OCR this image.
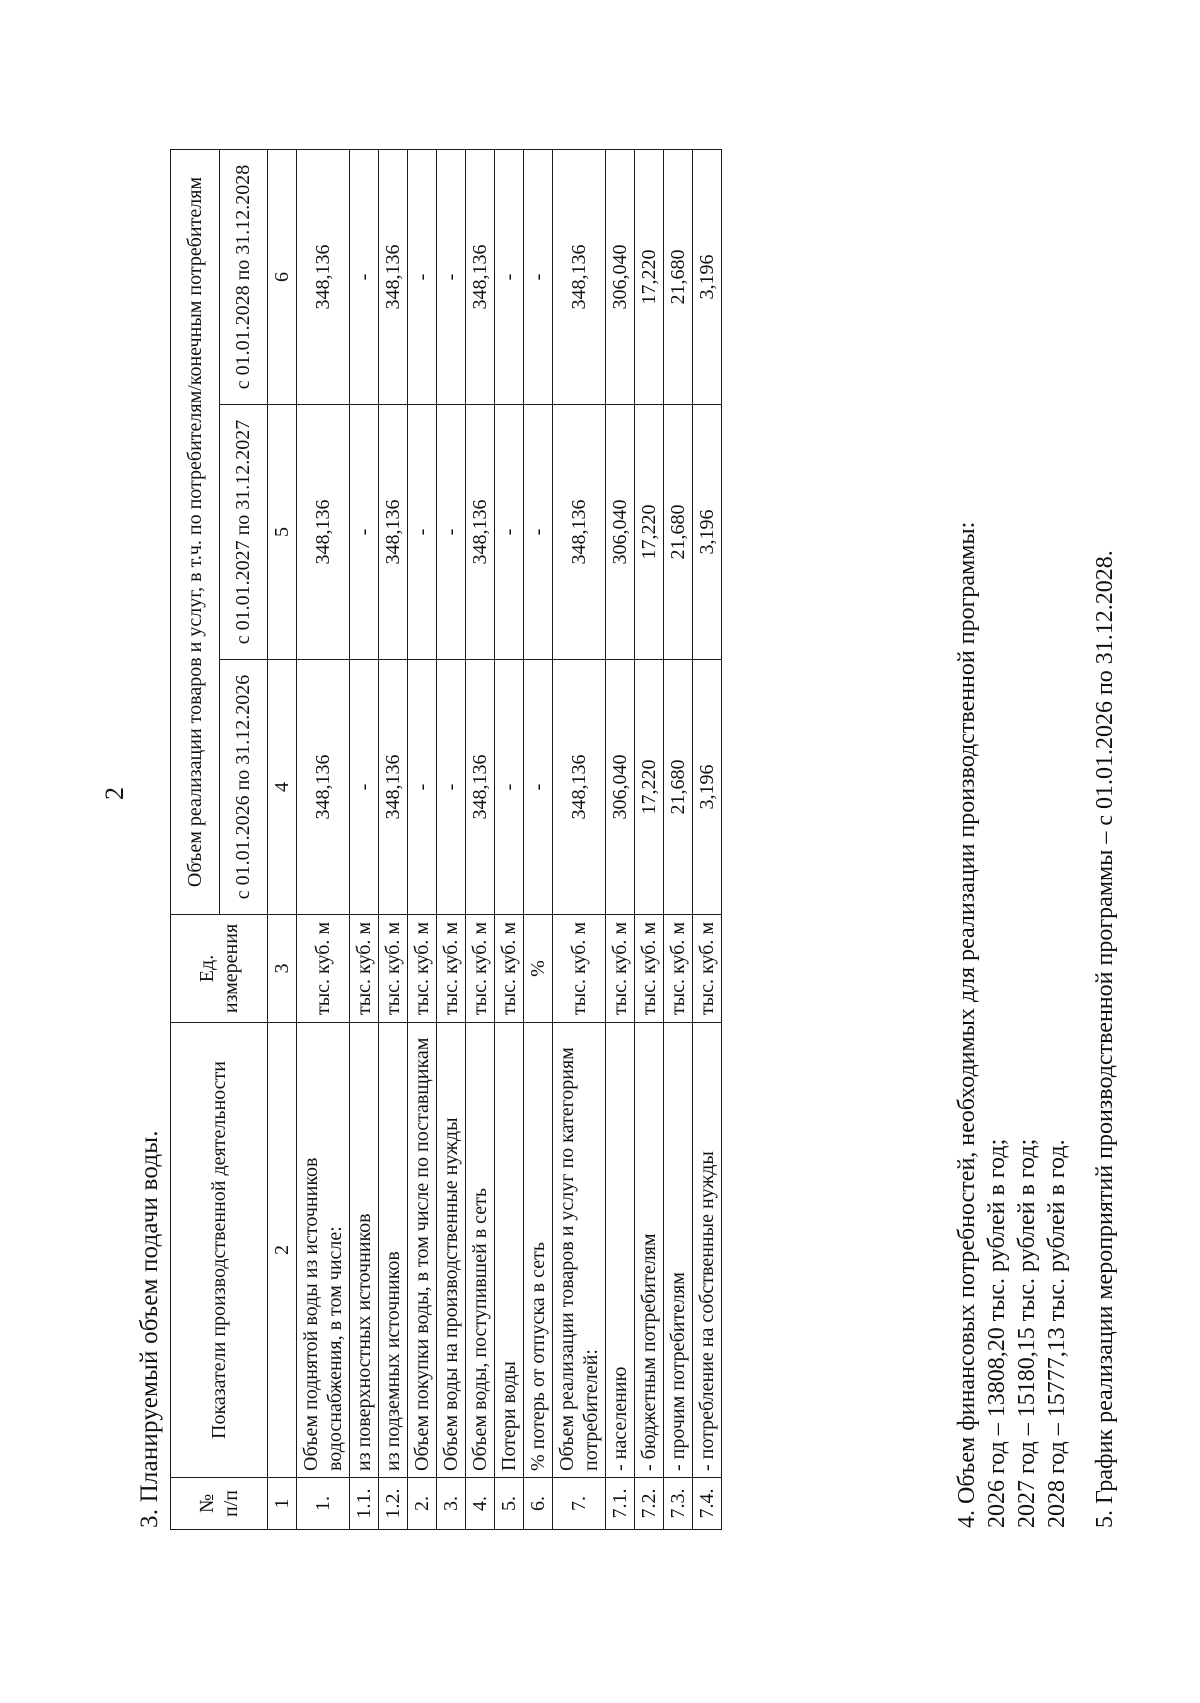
2
3. Планируемый объем подачи воды. № п/п	Показатели производственной деятельности	Ед. измерения	Объем реализации товаров и услуг, в т.ч. по потребителям/конечным потребителям		
			с 01.01.2026 по 31.12.2026	с 01.01.2027 по 31.12.2027	с 01.01.2028 по 31.12.2028
1	2	3	4	5	6
1.	Объем поднятой воды из источников водоснабжения, в том числе:	тыс. куб. м	348,136	348,136	348,136
1.1.	из поверхностных источников	тыс. куб. м	-	-	-
1.2.	из подземных источников	тыс. куб. м	348,136	348,136	348,136
2.	Объем покупки воды, в том числе по поставщикам	тыс. куб. м	-	-	-
3.	Объем воды на производственные нужды	тыс. куб. м	-	-	-
4.	Объем воды, поступившей в сеть	тыс. куб. м	348,136	348,136	348,136
5.	Потери воды	тыс. куб. м	-	-	-
6.	% потерь от отпуска в сеть	%	-	-	-
7.	Объем реализации товаров и услуг по категориям потребителей:	тыс. куб. м	348,136	348,136	348,136
7.1.	- населению	тыс. куб. м	306,040	306,040	306,040
7.2.	- бюджетным потребителям	тыс. куб. м	17,220	17,220	17,220
7.3.	- прочим потребителям	тыс. куб. м	21,680	21,680	21,680
7.4.	- потребление на собственные нужды	тыс. куб. м	3,196	3,196	3,196
4. Объем финансовых потребностей, необходимых для реализации производственной программы: 2026 год – 13808,20 тыс. рублей в год; 2027 год – 15180,15 тыс. рублей в год; 2028 год – 15777,13 тыс. рублей в год. 5. График реализации мероприятий производственной программы – с 01.01.2026 по 31.12.2028.
